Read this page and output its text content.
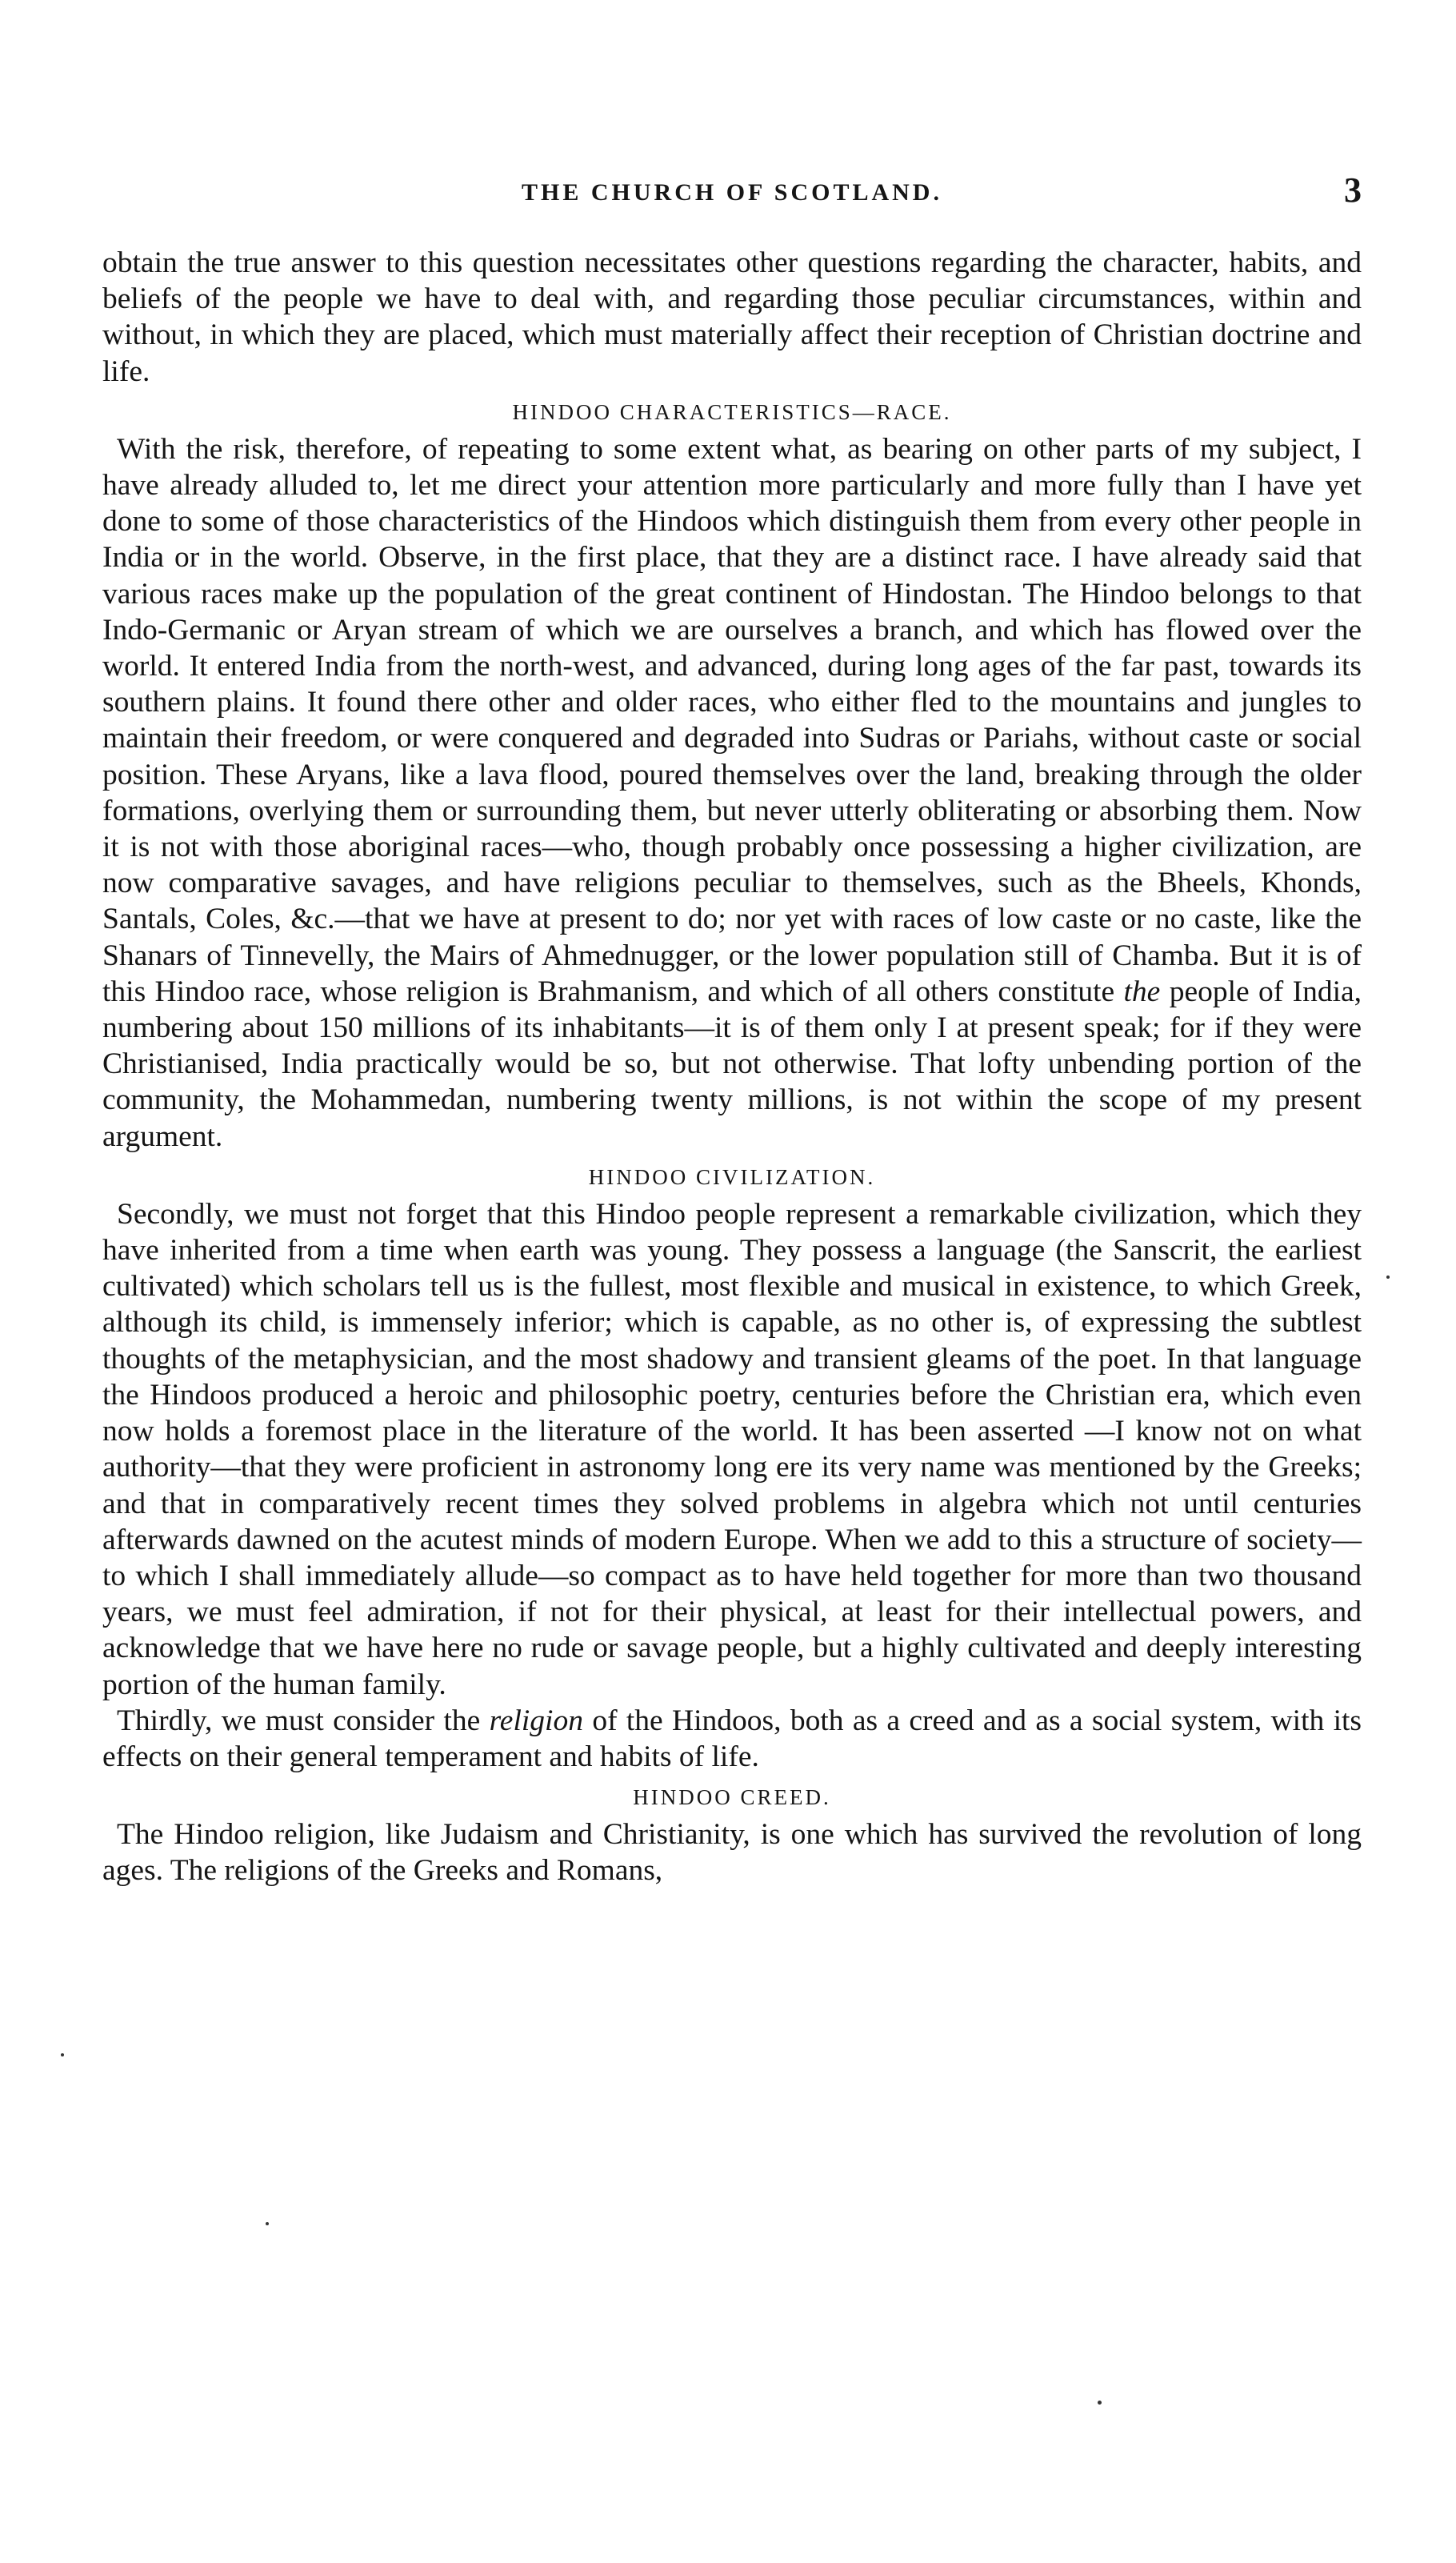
THE CHURCH OF SCOTLAND.	3

obtain the true answer to this question necessitates other questions regarding the character, habits, and beliefs of the people we have to deal with, and regarding those peculiar circumstances, within and without, in which they are placed, which must materially affect their reception of Christian doctrine and life.

HINDOO CHARACTERISTICS—RACE.

With the risk, therefore, of repeating to some extent what, as bearing on other parts of my subject, I have already alluded to, let me direct your attention more particularly and more fully than I have yet done to some of those characteristics of the Hindoos which distinguish them from every other people in India or in the world. Observe, in the first place, that they are a distinct race. I have already said that various races make up the population of the great continent of Hindostan. The Hindoo belongs to that Indo-Germanic or Aryan stream of which we are ourselves a branch, and which has flowed over the world. It entered India from the north-west, and advanced, during long ages of the far past, towards its southern plains. It found there other and older races, who either fled to the mountains and jungles to maintain their freedom, or were conquered and degraded into Sudras or Pariahs, without caste or social position. These Aryans, like a lava flood, poured themselves over the land, breaking through the older formations, overlying them or surrounding them, but never utterly obliterating or absorbing them. Now it is not with those aboriginal races—who, though probably once possessing a higher civilization, are now comparative savages, and have religions peculiar to themselves, such as the Bheels, Khonds, Santals, Coles, &c.—that we have at present to do; nor yet with races of low caste or no caste, like the Shanars of Tinnevelly, the Mairs of Ahmednugger, or the lower population still of Chamba. But it is of this Hindoo race, whose religion is Brahmanism, and which of all others constitute the people of India, numbering about 150 millions of its inhabitants—it is of them only I at present speak; for if they were Christianised, India practically would be so, but not otherwise. That lofty unbending portion of the community, the Mohammedan, numbering twenty millions, is not within the scope of my present argument.

HINDOO CIVILIZATION.

Secondly, we must not forget that this Hindoo people represent a remarkable civilization, which they have inherited from a time when earth was young. They possess a language (the Sanscrit, the earliest cultivated) which scholars tell us is the fullest, most flexible and musical in existence, to which Greek, although its child, is immensely inferior; which is capable, as no other is, of expressing the subtlest thoughts of the metaphysician, and the most shadowy and transient gleams of the poet. In that language the Hindoos produced a heroic and philosophic poetry, centuries before the Christian era, which even now holds a foremost place in the literature of the world. It has been asserted —I know not on what authority—that they were proficient in astronomy long ere its very name was mentioned by the Greeks; and that in comparatively recent times they solved problems in algebra which not until centuries afterwards dawned on the acutest minds of modern Europe. When we add to this a structure of society—to which I shall immediately allude—so compact as to have held together for more than two thousand years, we must feel admiration, if not for their physical, at least for their intellectual powers, and acknowledge that we have here no rude or savage people, but a highly cultivated and deeply interesting portion of the human family.

Thirdly, we must consider the religion of the Hindoos, both as a creed and as a social system, with its effects on their general temperament and habits of life.

HINDOO CREED.

The Hindoo religion, like Judaism and Christianity, is one which has survived the revolution of long ages. The religions of the Greeks and Romans,
